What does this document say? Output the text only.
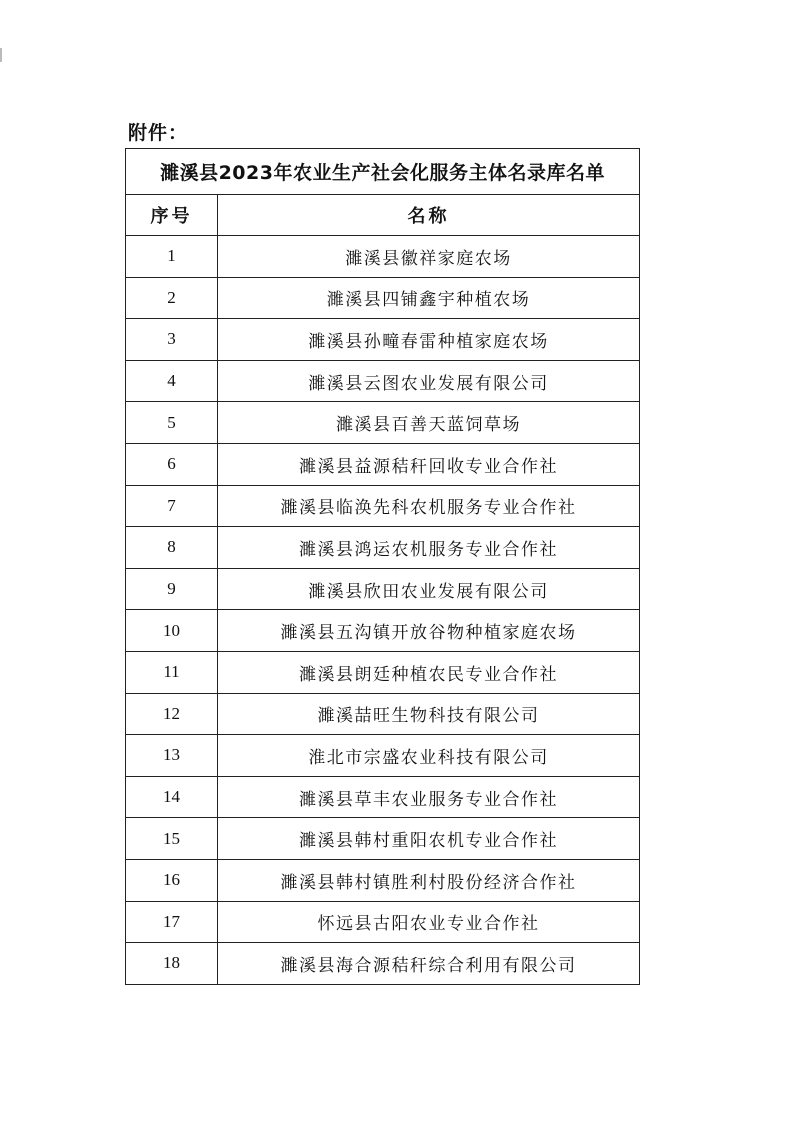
附件：
濉溪县2023年农业生产社会化服务主体名录库名单	
序号	名称
1	濉溪县徽祥家庭农场
2	濉溪县四铺鑫宇种植农场
3	濉溪县孙疃春雷种植家庭农场
4	濉溪县云图农业发展有限公司
5	濉溪县百善天蓝饲草场
6	濉溪县益源秸秆回收专业合作社
7	濉溪县临涣先科农机服务专业合作社
8	濉溪县鸿运农机服务专业合作社
9	濉溪县欣田农业发展有限公司
10	濉溪县五沟镇开放谷物种植家庭农场
11	濉溪县朗廷种植农民专业合作社
12	濉溪喆旺生物科技有限公司
13	淮北市宗盛农业科技有限公司
14	濉溪县草丰农业服务专业合作社
15	濉溪县韩村重阳农机专业合作社
16	濉溪县韩村镇胜利村股份经济合作社
17	怀远县古阳农业专业合作社
18	濉溪县海合源秸秆综合利用有限公司
